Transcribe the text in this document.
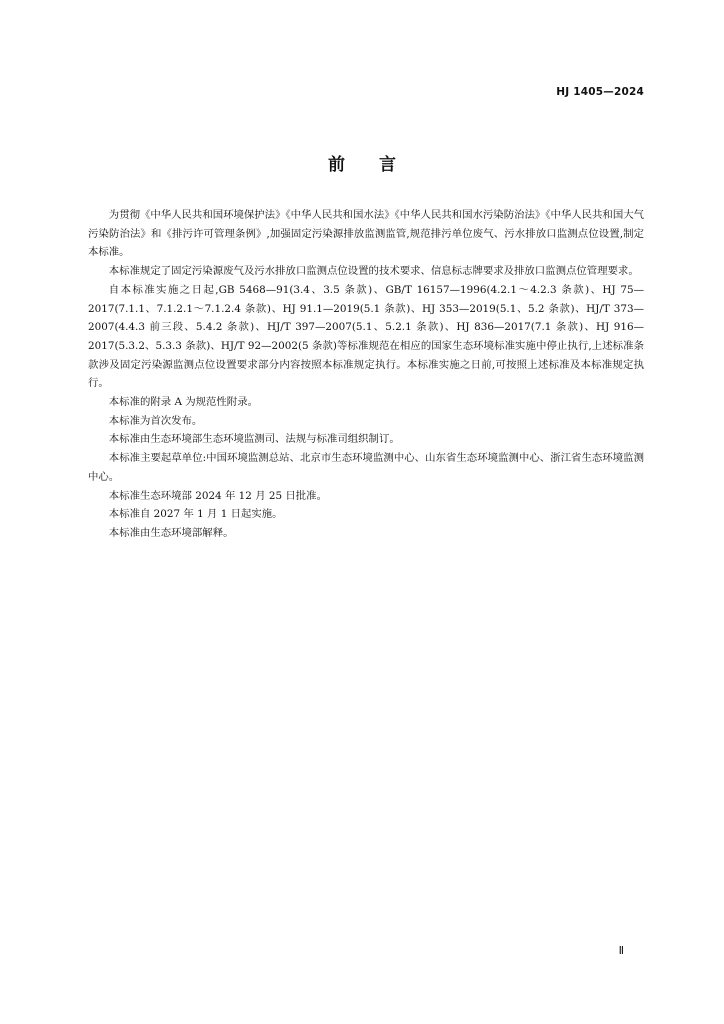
HJ 1405—2024
前 言

为贯彻《中华人民共和国环境保护法》《中华人民共和国水法》《中华人民共和国水污染防治法》《中华人民共和国大气污染防治法》和《排污许可管理条例》,加强固定污染源排放监测监管,规范排污单位废气、污水排放口监测点位设置,制定本标准。

本标准规定了固定污染源废气及污水排放口监测点位设置的技术要求、信息标志牌要求及排放口监测点位管理要求。

自本标准实施之日起,GB 5468—91(3.4、3.5 条款)、GB/T 16157—1996(4.2.1～4.2.3 条款)、HJ 75—2017(7.1.1、7.1.2.1～7.1.2.4 条款)、HJ 91.1—2019(5.1 条款)、HJ 353—2019(5.1、5.2 条款)、HJ/T 373—2007(4.4.3 前三段、5.4.2 条款)、HJ/T 397—2007(5.1、5.2.1 条款)、HJ 836—2017(7.1 条款)、HJ 916—2017(5.3.2、5.3.3 条款)、HJ/T 92—2002(5 条款)等标准规范在相应的国家生态环境标准实施中停止执行,上述标准条款涉及固定污染源监测点位设置要求部分内容按照本标准规定执行。本标准实施之日前,可按照上述标准及本标准规定执行。

本标准的附录 A 为规范性附录。

本标准为首次发布。

本标准由生态环境部生态环境监测司、法规与标准司组织制订。

本标准主要起草单位:中国环境监测总站、北京市生态环境监测中心、山东省生态环境监测中心、浙江省生态环境监测中心。

本标准生态环境部 2024 年 12 月 25 日批准。

本标准自 2027 年 1 月 1 日起实施。

本标准由生态环境部解释。

Ⅱ
